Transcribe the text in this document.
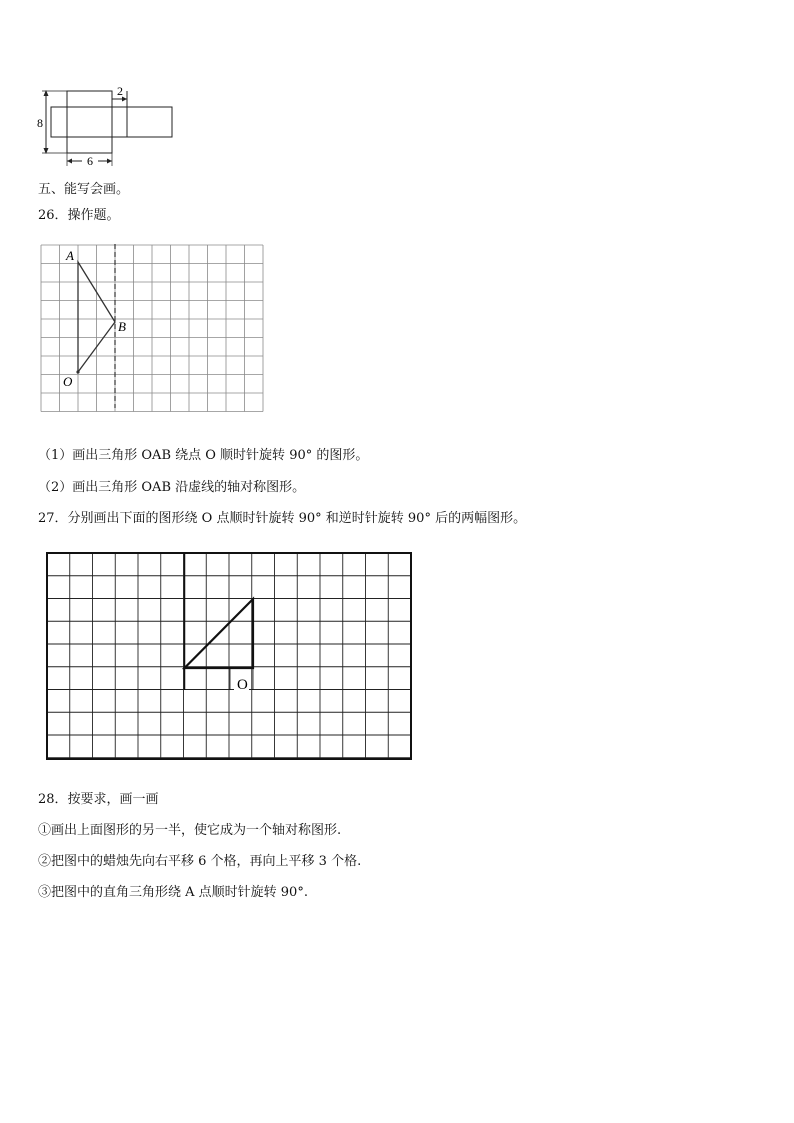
8
2
6
五、能写会画。
26．操作题。
A
B
O
（1）画出三角形 OAB 绕点 O 顺时针旋转 90° 的图形。
（2）画出三角形 OAB 沿虚线的轴对称图形。
27．分别画出下面的图形绕 O 点顺时针旋转 90° 和逆时针旋转 90° 后的两幅图形。
O
28．按要求，画一画
①画出上面图形的另一半，使它成为一个轴对称图形.
②把图中的蜡烛先向右平移 6 个格，再向上平移 3 个格.
③把图中的直角三角形绕 A 点顺时针旋转 90°.
